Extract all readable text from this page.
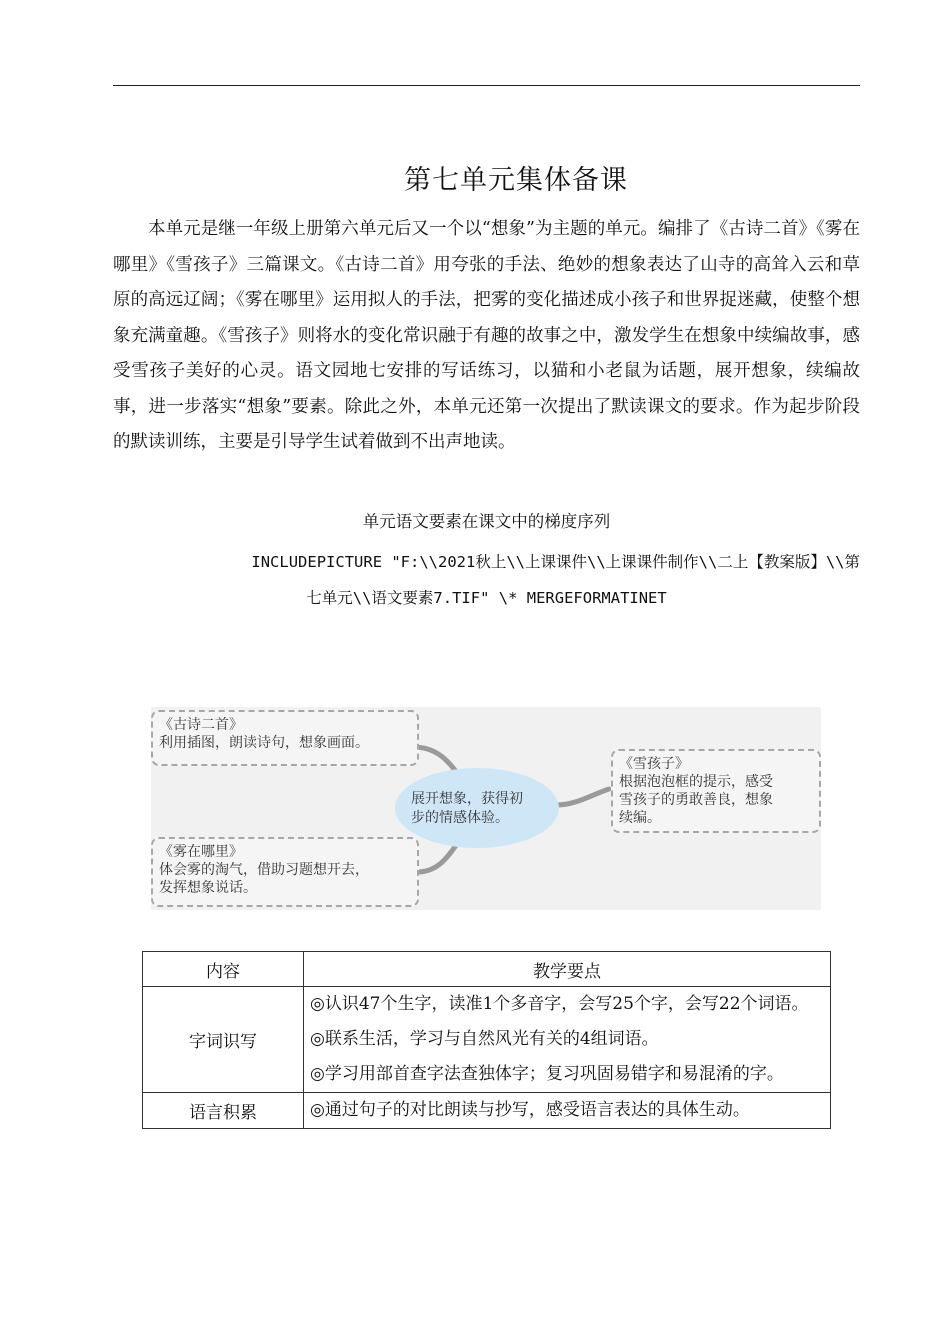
第七单元集体备课

本单元是继一年级上册第六单元后又一个以“想象”为主题的单元。编排了《古诗二首》《雾在哪里》《雪孩子》三篇课文。《古诗二首》用夸张的手法、绝妙的想象表达了山寺的高耸入云和草原的高远辽阔；《雾在哪里》运用拟人的手法，把雾的变化描述成小孩子和世界捉迷藏，使整个想象充满童趣。《雪孩子》则将水的变化常识融于有趣的故事之中，激发学生在想象中续编故事，感受雪孩子美好的心灵。语文园地七安排的写话练习，以猫和小老鼠为话题，展开想象，续编故事，进一步落实“想象”要素。除此之外，本单元还第一次提出了默读课文的要求。作为起步阶段的默读训练，主要是引导学生试着做到不出声地读。

单元语文要素在课文中的梯度序列
INCLUDEPICTURE "F:\\2021秋上\\上课课件\\上课课件制作\\二上【教案版】\\第
七单元\\语文要素7.TIF" \* MERGEFORMATINET
《古诗二首》
利用插图，朗读诗句，想象画面。
《雾在哪里》
体会雾的淘气，借助习题想开去，
发挥想象说话。
展开想象，获得初
步的情感体验。
《雪孩子》
根据泡泡框的提示，感受
雪孩子的勇敢善良，想象
续编。
内容	教学要点
字词识写	◎认识47个生字，读准1个多音字，会写25个字，会写22个词语。

◎联系生活，学习与自然风光有关的4组词语。

◎学习用部首查字法查独体字；复习巩固易错字和易混淆的字。

语言积累	◎通过句子的对比朗读与抄写，感受语言表达的具体生动。
